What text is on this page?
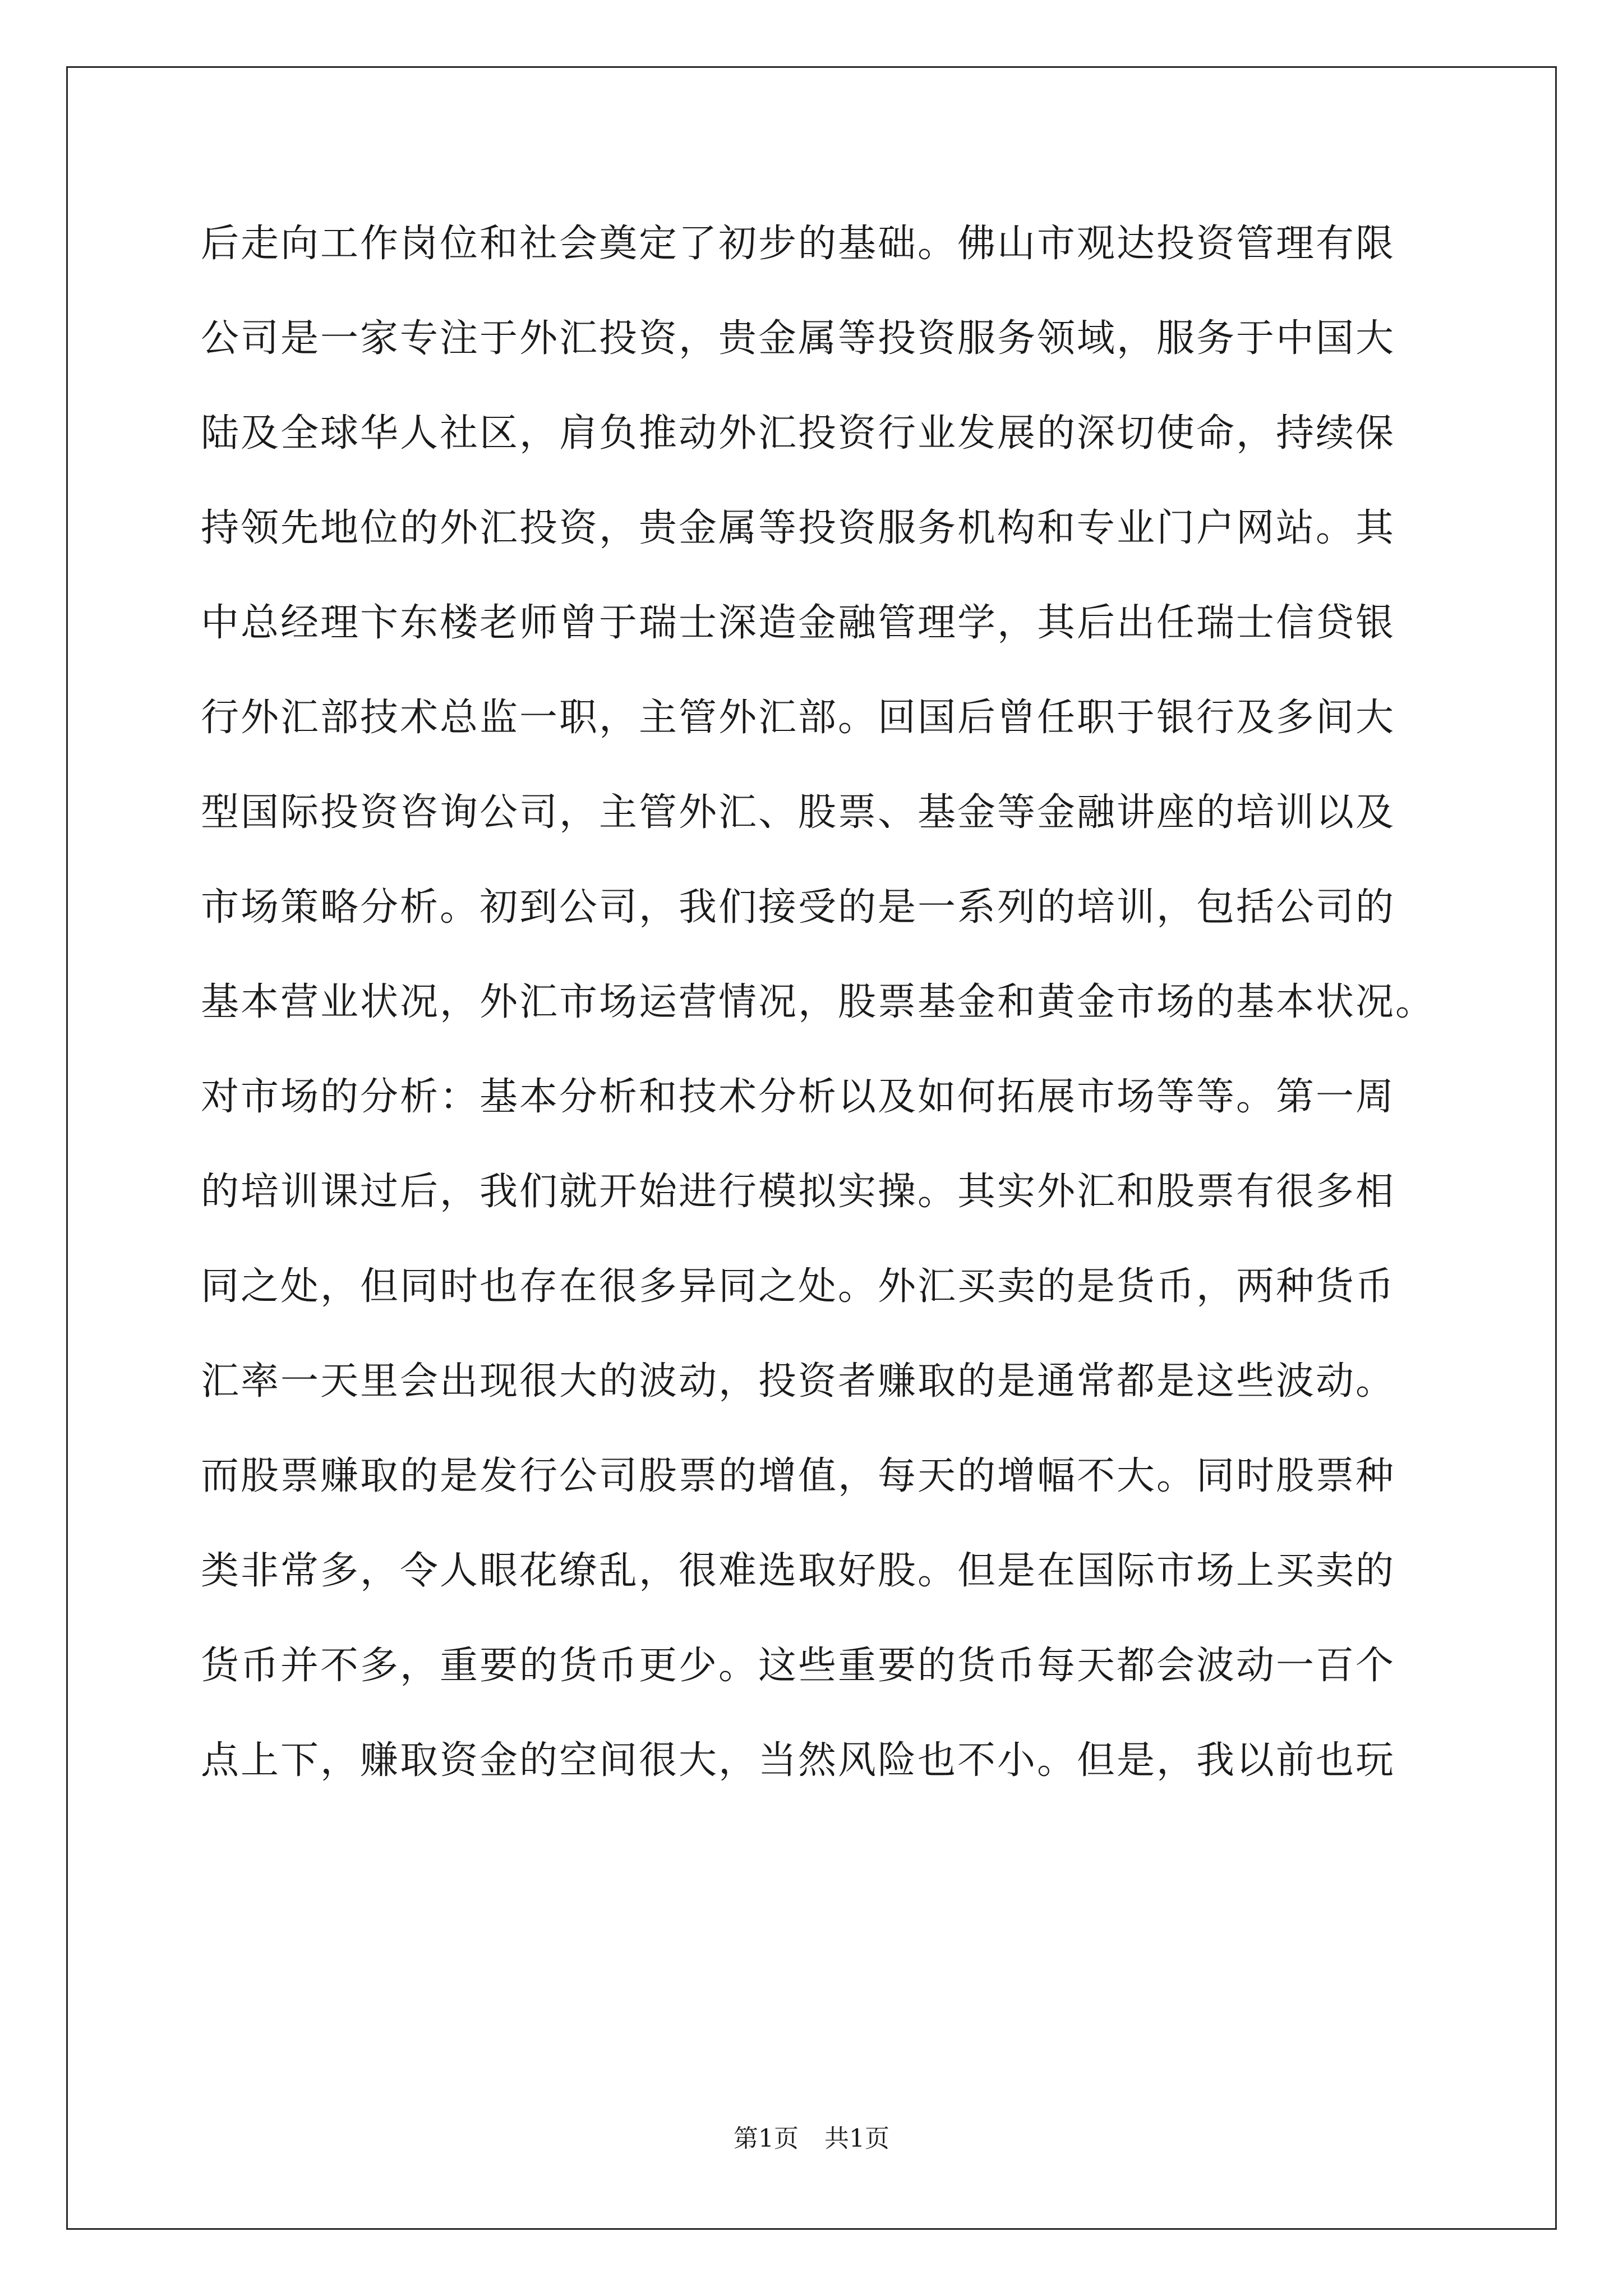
后走向工作岗位和社会奠定了初步的基础。佛山市观达投资管理有限
公司是一家专注于外汇投资，贵金属等投资服务领域，服务于中国大
陆及全球华人社区，肩负推动外汇投资行业发展的深切使命，持续保
持领先地位的外汇投资，贵金属等投资服务机构和专业门户网站。其
中总经理卞东楼老师曾于瑞士深造金融管理学，其后出任瑞士信贷银
行外汇部技术总监一职，主管外汇部。回国后曾任职于银行及多间大
型国际投资咨询公司，主管外汇、股票、基金等金融讲座的培训以及
市场策略分析。初到公司，我们接受的是一系列的培训，包括公司的
基本营业状况，外汇市场运营情况，股票基金和黄金市场的基本状况。
对市场的分析：基本分析和技术分析以及如何拓展市场等等。第一周
的培训课过后，我们就开始进行模拟实操。其实外汇和股票有很多相
同之处，但同时也存在很多异同之处。外汇买卖的是货币，两种货币
汇率一天里会出现很大的波动，投资者赚取的是通常都是这些波动。
而股票赚取的是发行公司股票的增值，每天的增幅不大。同时股票种
类非常多，令人眼花缭乱，很难选取好股。但是在国际市场上买卖的
货币并不多，重要的货币更少。这些重要的货币每天都会波动一百个
点上下，赚取资金的空间很大，当然风险也不小。但是，我以前也玩
第1页 共1页
